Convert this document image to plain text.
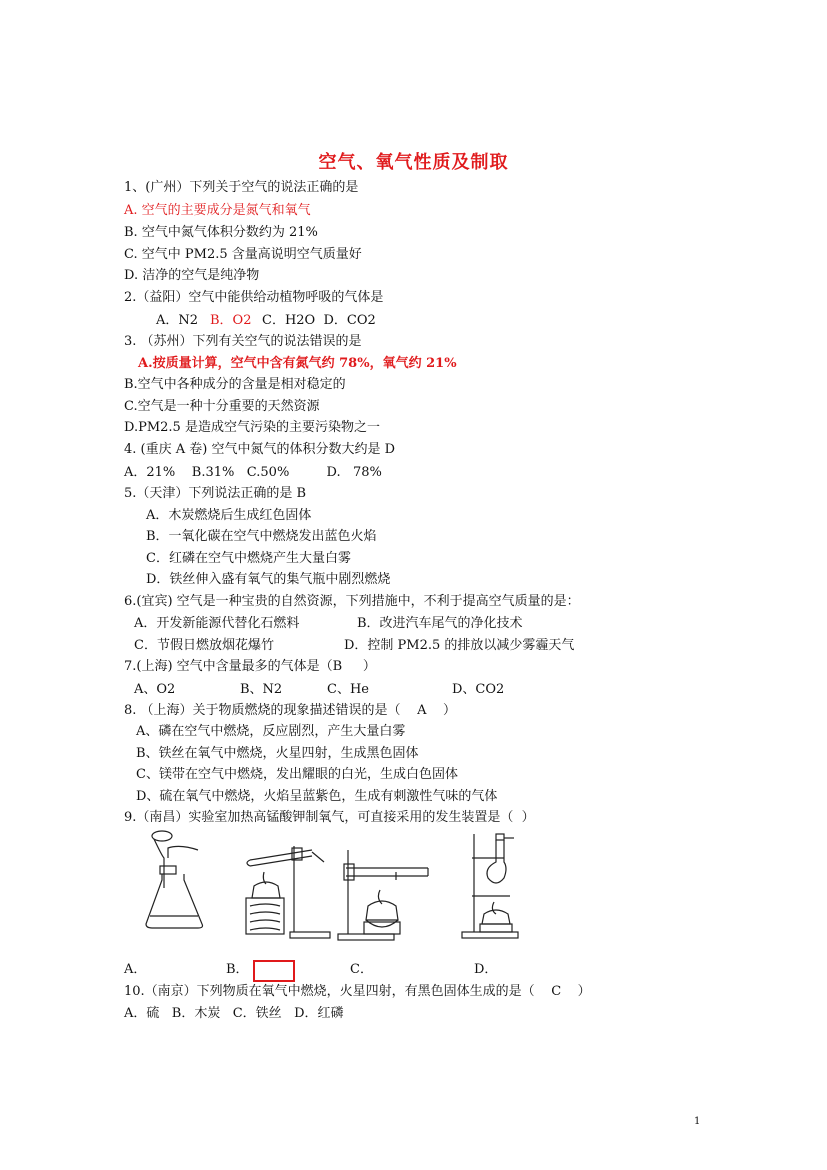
空气、氧气性质及制取
1、(广州）下列关于空气的说法正确的是
A. 空气的主要成分是氮气和氧气
B. 空气中氮气体积分数约为 21%
C. 空气中 PM2.5 含量高说明空气质量好
D. 洁净的空气是纯净物
2.（益阳）空气中能供给动植物呼吸的气体是
A．N2 B．O2 C．H2O  D．CO2
3. （苏州）下列有关空气的说法错误的是
A.按质量计算，空气中含有氮气约 78%，氧气约 21%
B.空气中各种成分的含量是相对稳定的
C.空气是一种十分重要的天然资源
D.PM2.5 是造成空气污染的主要污染物之一
4. (重庆 A 卷) 空气中氮气的体积分数大约是 D
A．21%    B.31%   C.50%         D.   78%
5.（天津）下列说法正确的是 B
A．木炭燃烧后生成红色固体
B．一氧化碳在空气中燃烧发出蓝色火焰
C．红磷在空气中燃烧产生大量白雾
D．铁丝伸入盛有氧气的集气瓶中剧烈燃烧
6.(宜宾) 空气是一种宝贵的自然资源，下列措施中，不利于提高空气质量的是：
A．开发新能源代替化石燃料	B．改进汽车尾气的净化技术
C．节假日燃放烟花爆竹	D．控制 PM2.5 的排放以减少雾霾天气
7.(上海) 空气中含量最多的气体是（B     ）
A、O2	B、N2	C、He	D、CO2
8. （上海）关于物质燃烧的现象描述错误的是（    A    ）
A、磷在空气中燃烧，反应剧烈，产生大量白雾
B、铁丝在氧气中燃烧，火星四射，生成黑色固体
C、镁带在空气中燃烧，发出耀眼的白光，生成白色固体
D、硫在氧气中燃烧，火焰呈蓝紫色，生成有刺激性气味的气体
9.（南昌）实验室加热高锰酸钾制氧气，可直接采用的发生装置是（  ）
A．	B．	C．	D．
10.（南京）下列物质在氧气中燃烧，火星四射，有黑色固体生成的是（    C    ）
A．硫   B．木炭   C．铁丝   D．红磷
1
